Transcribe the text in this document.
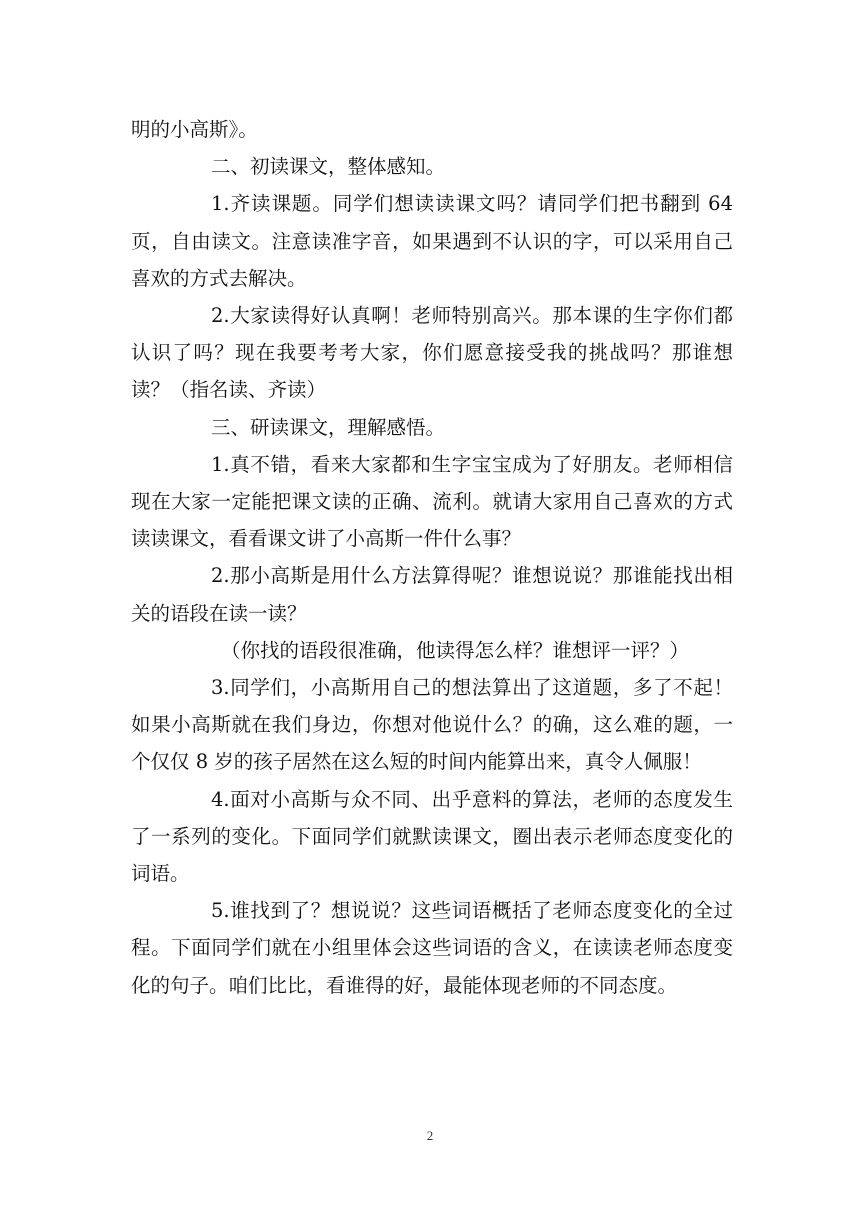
明的小高斯》。

二、初读课文，整体感知。

1.齐读课题。同学们想读读课文吗？请同学们把书翻到 64 页，自由读文。注意读准字音，如果遇到不认识的字，可以采用自己喜欢的方式去解决。

2.大家读得好认真啊！老师特别高兴。那本课的生字你们都认识了吗？现在我要考考大家，你们愿意接受我的挑战吗？那谁想读？（指名读、齐读）

三、研读课文，理解感悟。

1.真不错，看来大家都和生字宝宝成为了好朋友。老师相信现在大家一定能把课文读的正确、流利。就请大家用自己喜欢的方式读读课文，看看课文讲了小高斯一件什么事？

2.那小高斯是用什么方法算得呢？谁想说说？那谁能找出相关的语段在读一读？

（你找的语段很准确，他读得怎么样？谁想评一评？）

3.同学们，小高斯用自己的想法算出了这道题，多了不起！如果小高斯就在我们身边，你想对他说什么？的确，这么难的题，一个仅仅 8 岁的孩子居然在这么短的时间内能算出来，真令人佩服！

4.面对小高斯与众不同、出乎意料的算法，老师的态度发生了一系列的变化。下面同学们就默读课文，圈出表示老师态度变化的词语。

5.谁找到了？想说说？这些词语概括了老师态度变化的全过程。下面同学们就在小组里体会这些词语的含义，在读读老师态度变化的句子。咱们比比，看谁得的好，最能体现老师的不同态度。

2
